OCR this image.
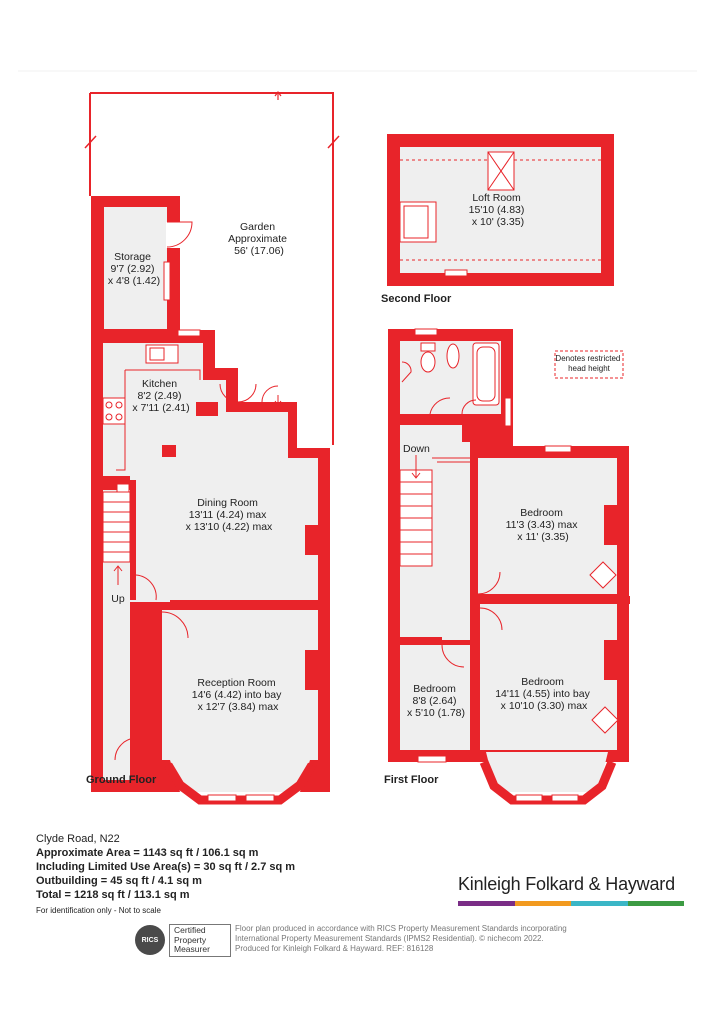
Garden Approximate 56' (17.06)
Storage 9'7 (2.92) x 4'8 (1.42)
Kitchen 8'2 (2.49) x 7'11 (2.41)
Dining Room 13'11 (4.24) max x 13'10 (4.22) max
Reception Room 14'6 (4.42) into bay x 12'7 (3.84) max
Up
Ground Floor
Loft Room 15'10 (4.83) x 10' (3.35)
Second Floor
Denotes restricted head height
Bedroom 11'3 (3.43) max x 11' (3.35)
Bedroom 8'8 (2.64) x 5'10 (1.78)
Bedroom 14'11 (4.55) into bay x 10'10 (3.30) max
Down
First Floor
Clyde Road, N22
Approximate Area = 1143 sq ft / 106.1 sq m
Including Limited Use Area(s) = 30 sq ft / 2.7 sq m
Outbuilding = 45 sq ft / 4.1 sq m
Total = 1218 sq ft / 113.1 sq m
For identification only - Not to scale
Kinleigh Folkard & Hayward
RICS
Certified
Property
Measurer
Floor plan produced in accordance with RICS Property Measurement Standards incorporating
International Property Measurement Standards (IPMS2 Residential). © nichecom 2022.
Produced for Kinleigh Folkard & Hayward. REF: 816128
